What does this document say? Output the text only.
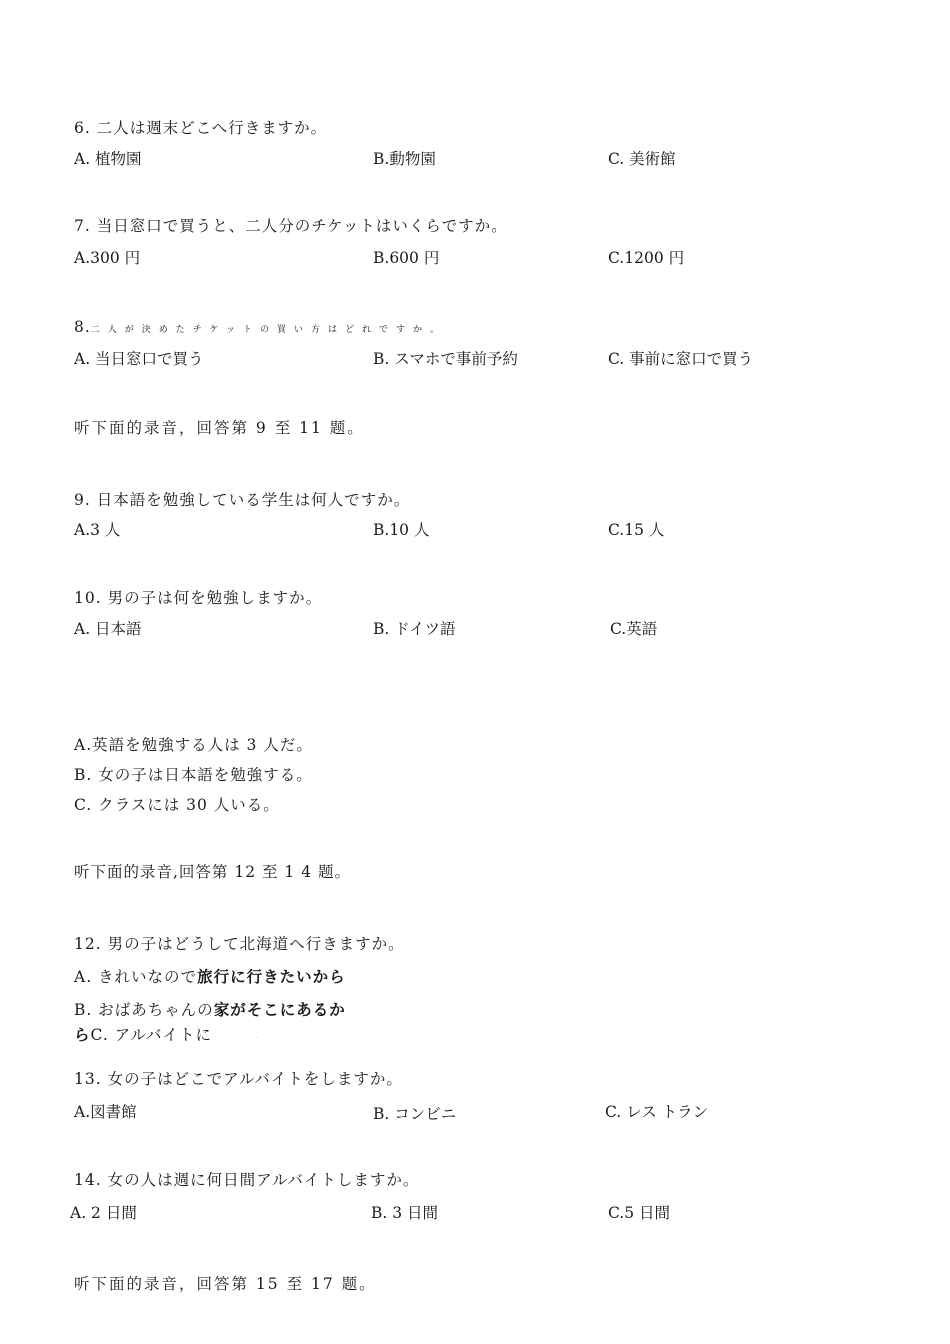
6. 二人は週末どこへ行きますか。
A. 植物園	B.動物園	C. 美術館
7. 当日窓口で買うと、二人分のチケットはいくらですか。
A.300 円	B.600 円	C.1200 円
8.二人が決めたチケットの買い方はどれですか。
A. 当日窓口で買う	B. スマホで事前予約	C. 事前に窓口で買う
听下面的录音，回答第 9 至 11 题。
9. 日本語を勉強している学生は何人ですか。
A.3 人	B.10 人	C.15 人
10. 男の子は何を勉強しますか。
A. 日本語	B. ドイツ語	C.英語
A.英語を勉強する人は 3 人だ。
B. 女の子は日本語を勉強する。
C. クラスには 30 人いる。
听下面的录音,回答第 12 至 1 4 题。
12. 男の子はどうして北海道へ行きますか。
A. きれいなので旅行に行きたいから
B. おばあちゃんの家がそこにあるか
らC. アルバイトに・・・・
13. 女の子はどこでアルバイトをしますか。
A.図書館	B. コンビニ	C. レス トラン
14. 女の人は週に何日間アルバイトしますか。
A. 2 日間	B. 3 日間	C.5 日間
听下面的录音，回答第 15 至 17 题。
